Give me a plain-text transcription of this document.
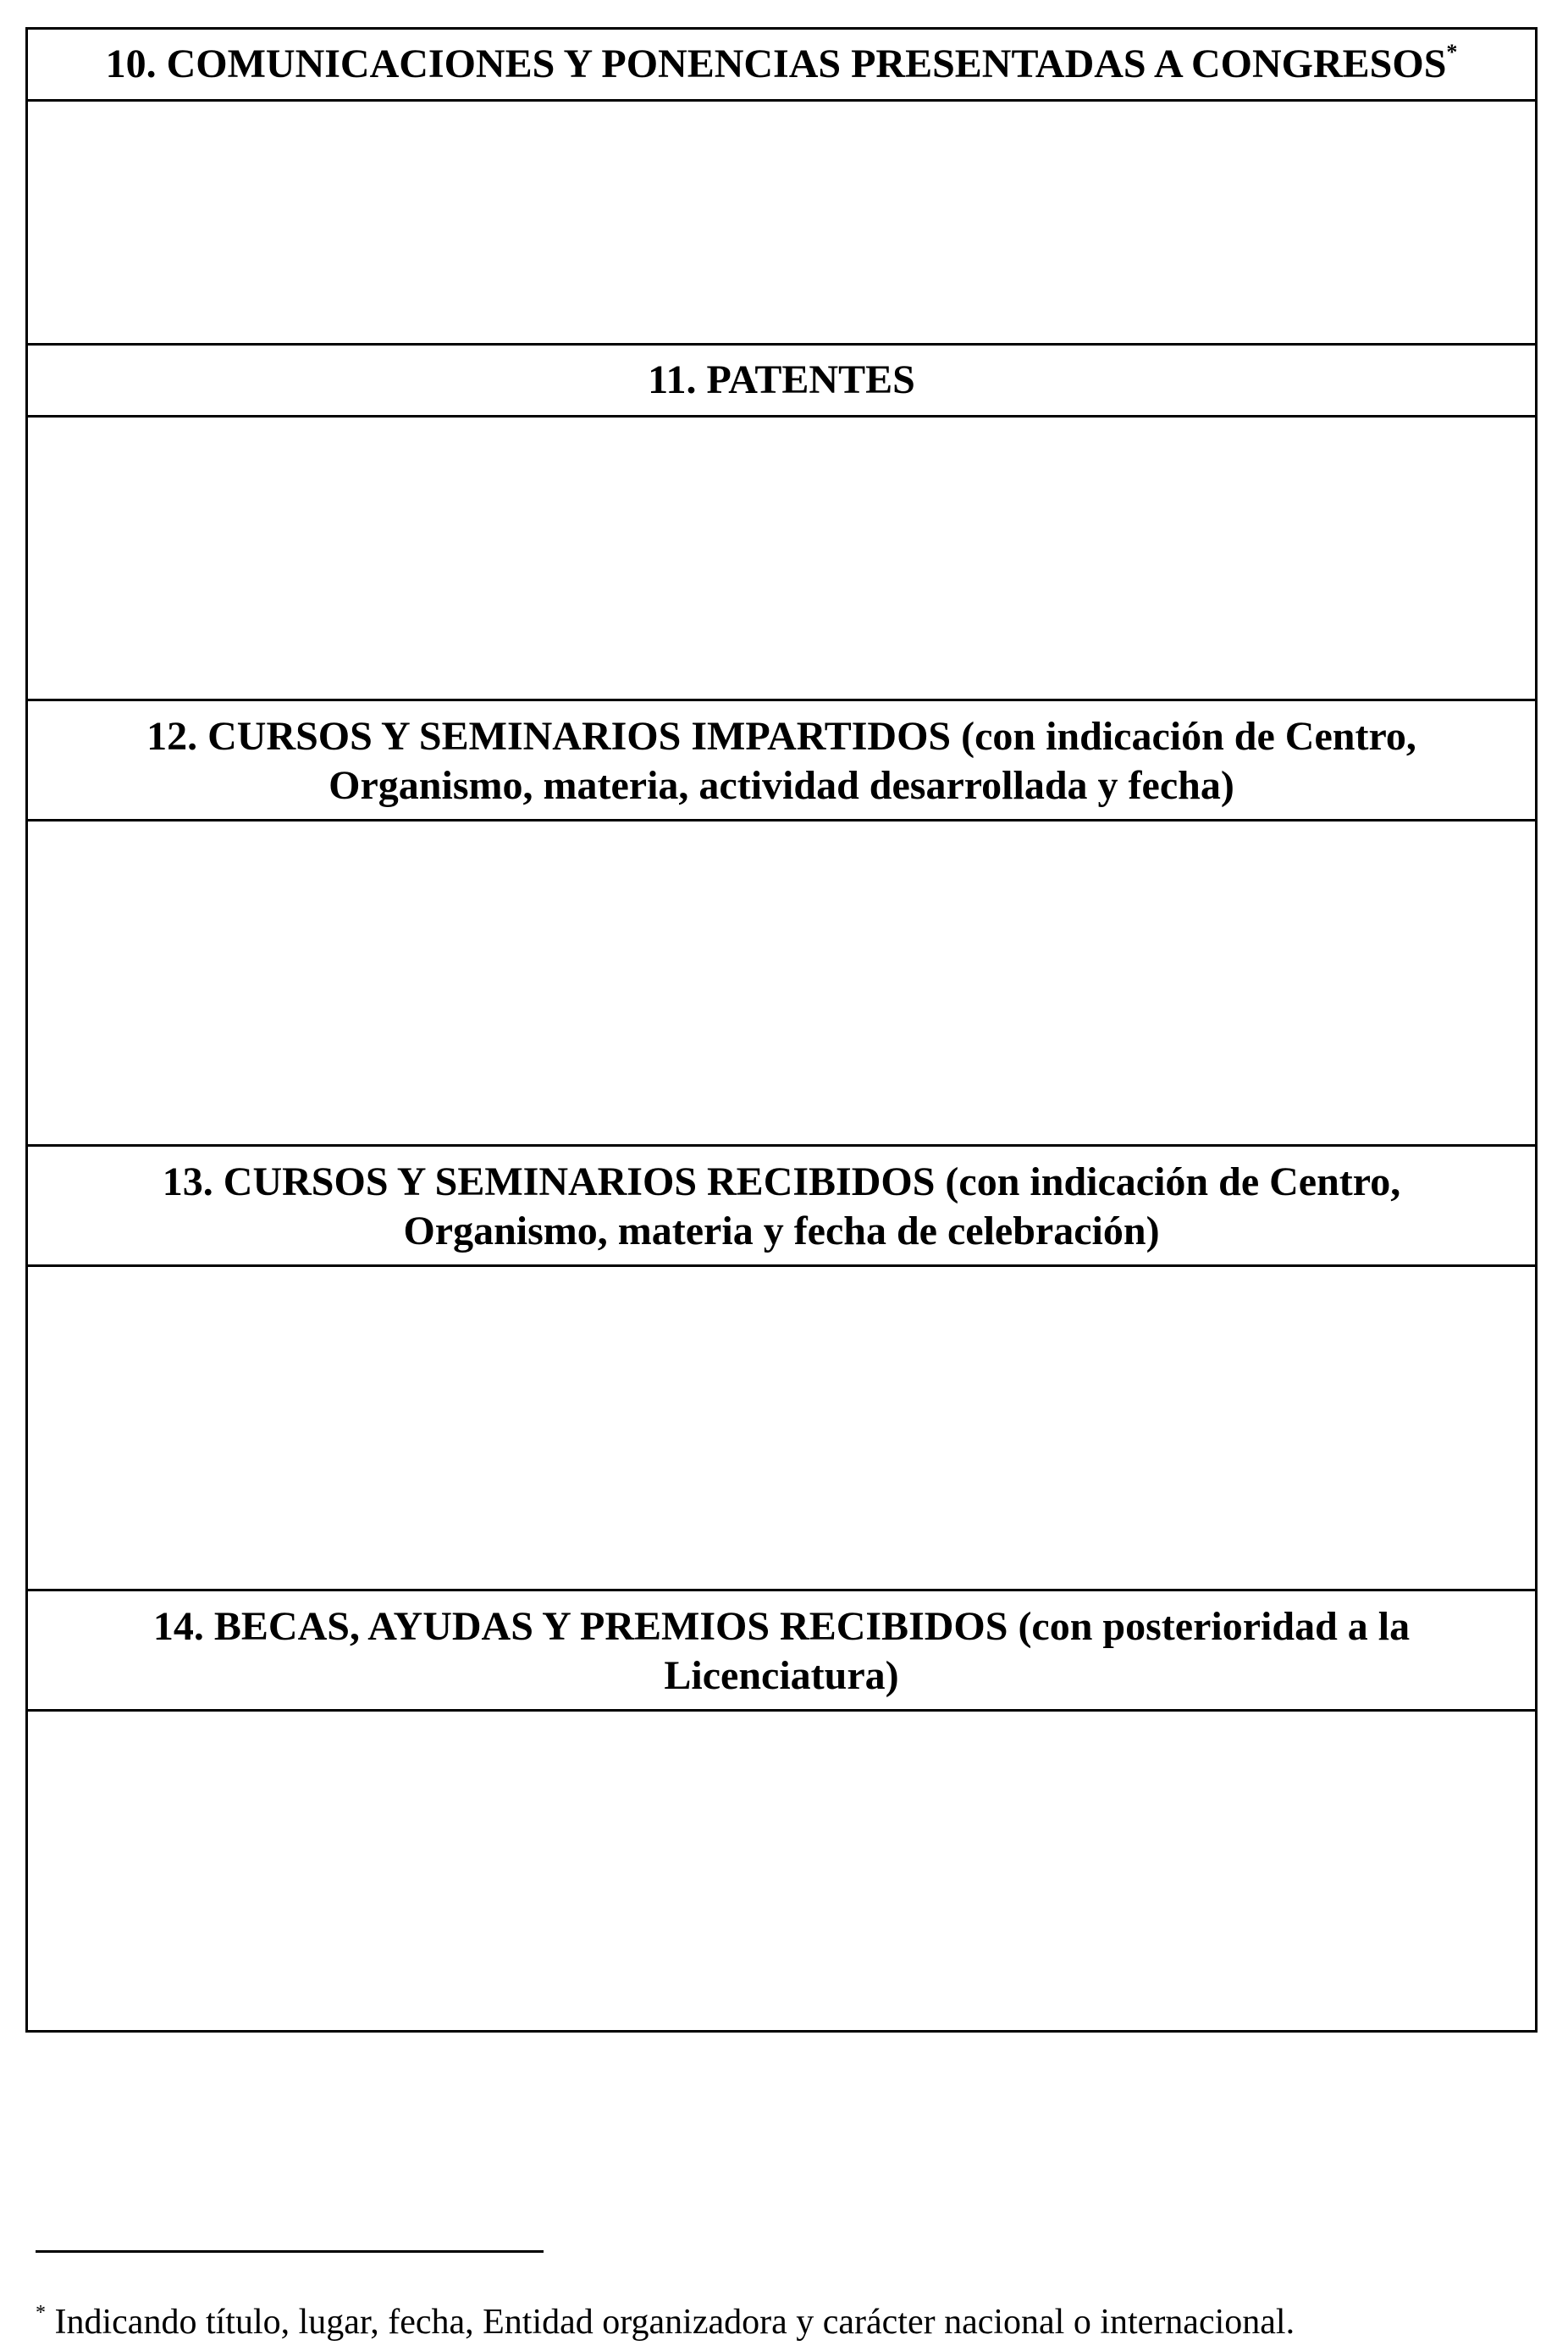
10. COMUNICACIONES Y PONENCIAS PRESENTADAS A CONGRESOS*
11. PATENTES
12. CURSOS Y SEMINARIOS IMPARTIDOS (con indicación de Centro,
Organismo, materia, actividad desarrollada y fecha)
13. CURSOS Y SEMINARIOS RECIBIDOS (con indicación de Centro,
Organismo, materia y fecha de celebración)
14. BECAS, AYUDAS Y PREMIOS RECIBIDOS (con posterioridad a la
Licenciatura)
* Indicando título, lugar, fecha, Entidad organizadora y carácter nacional o internacional.
